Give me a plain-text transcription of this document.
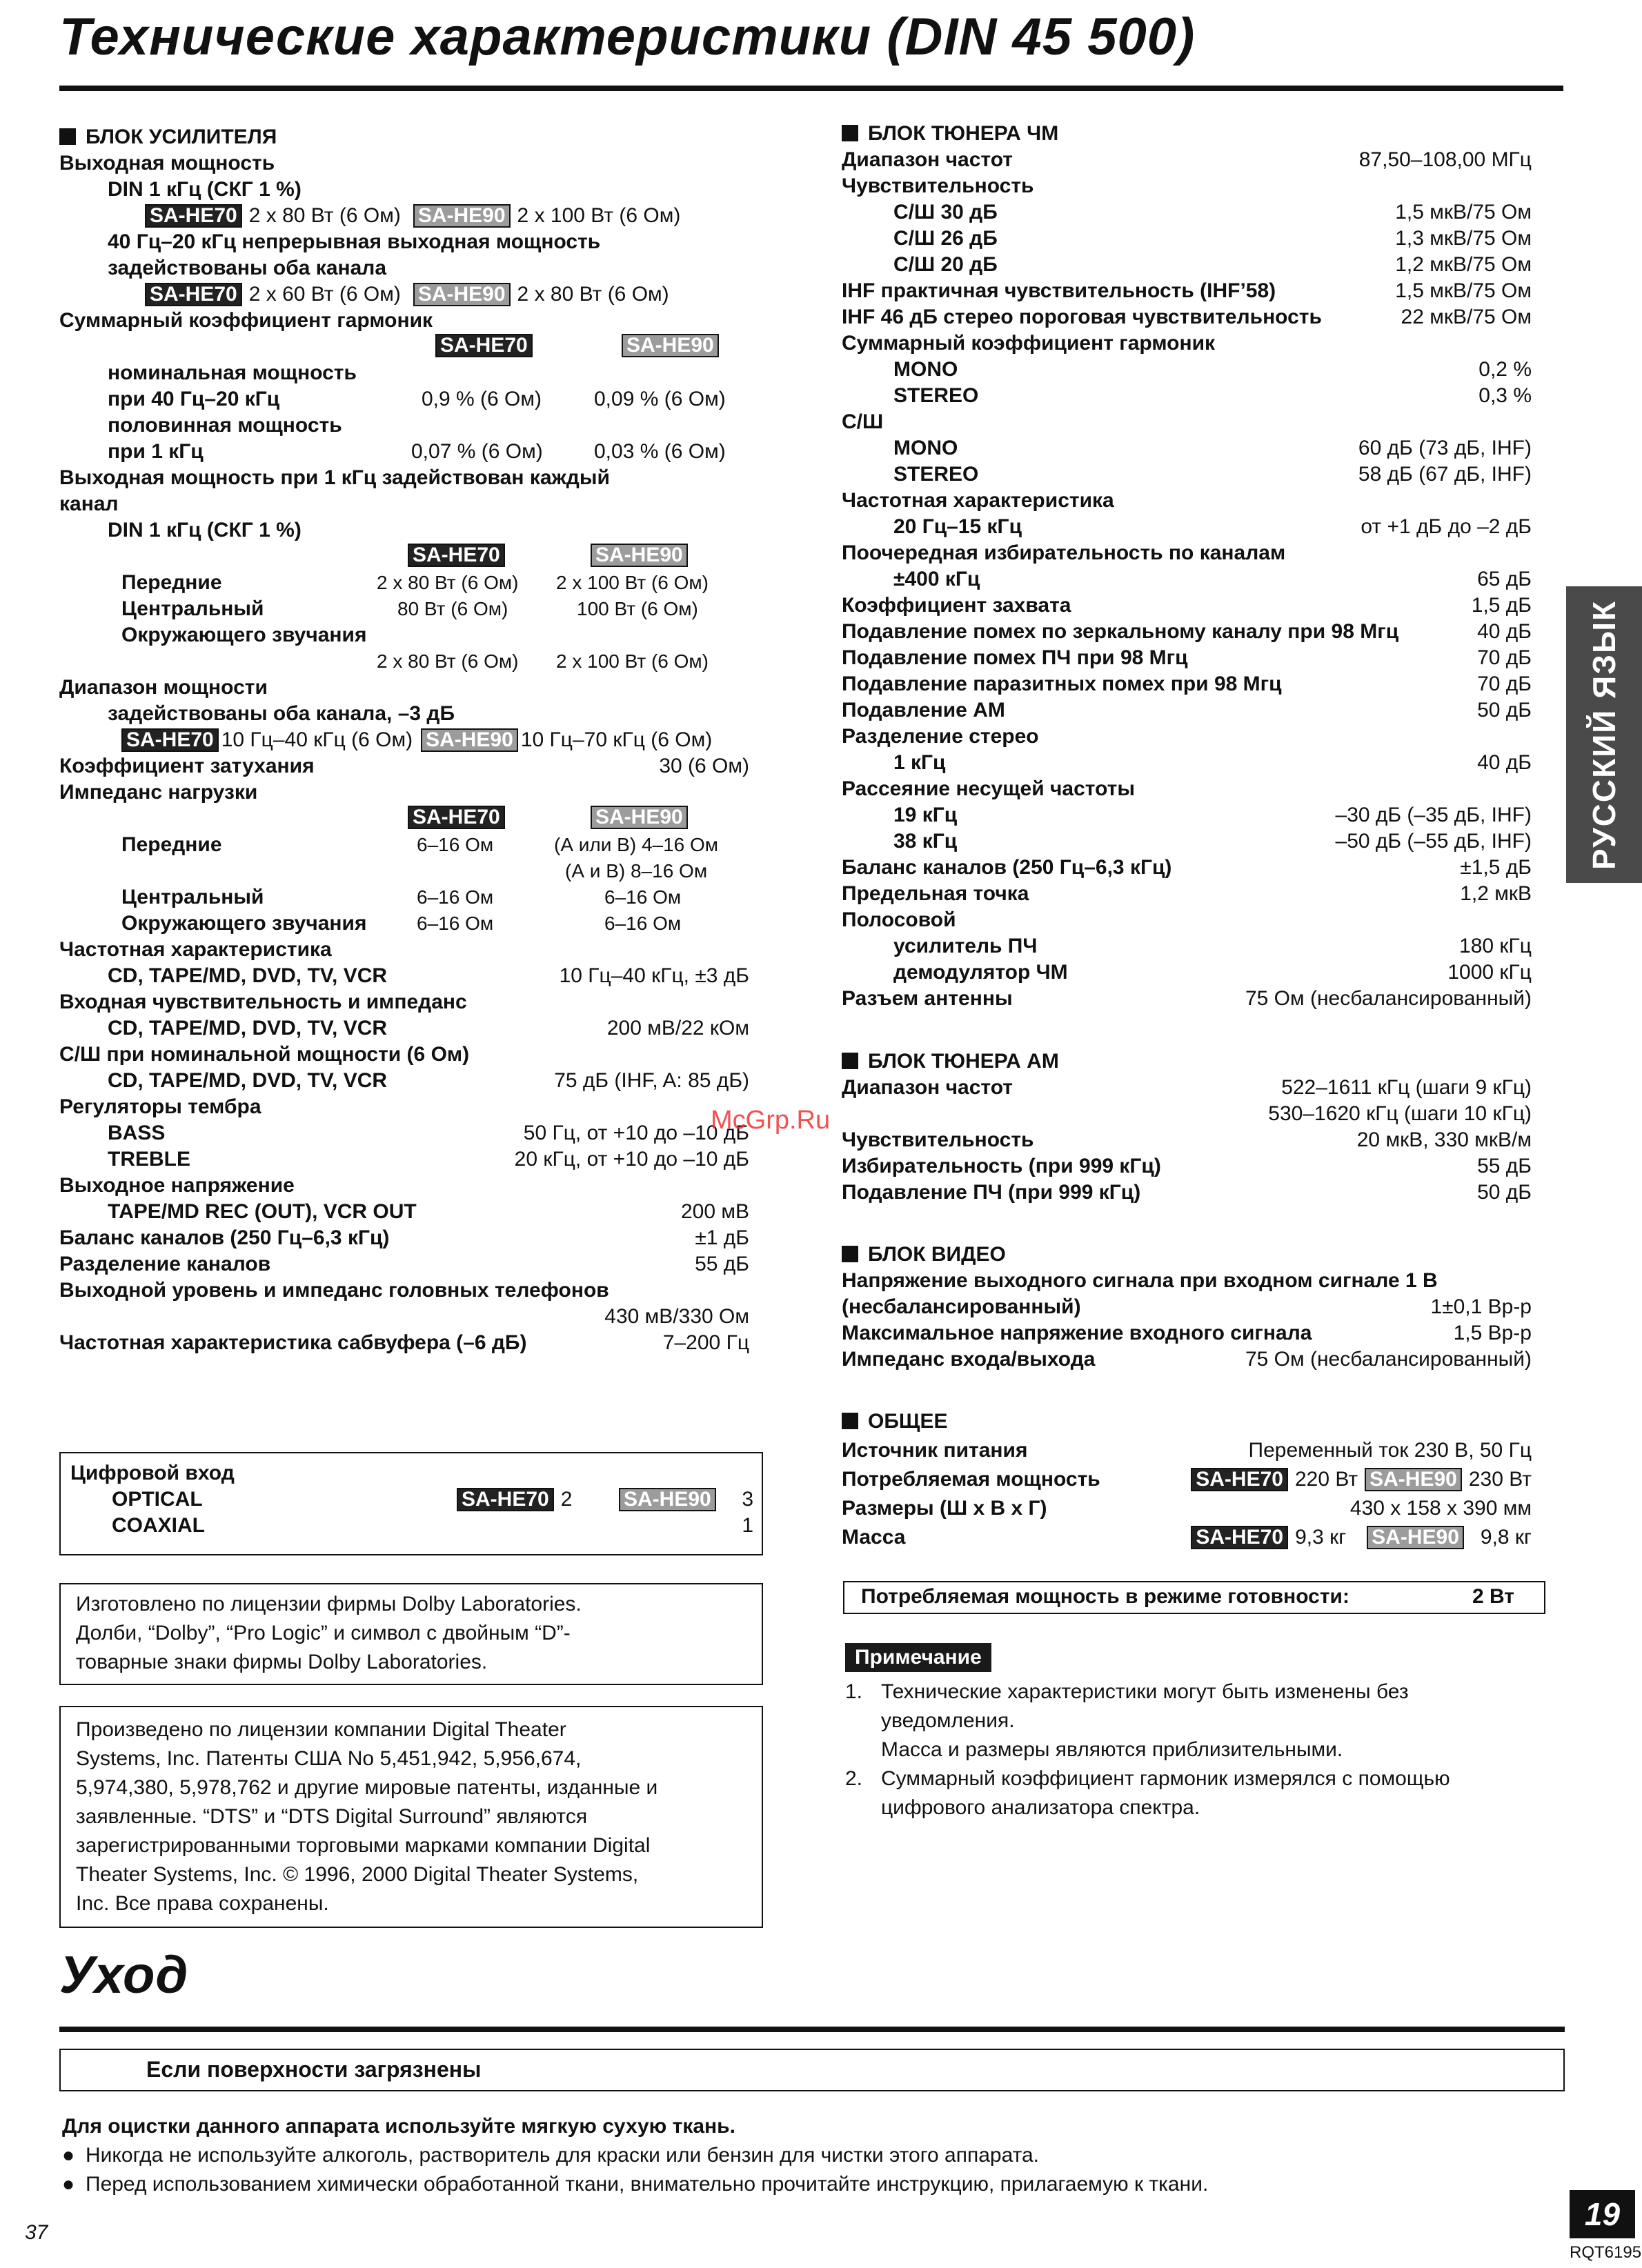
Технические характеристики (DIN 45 500)
РУССКИЙ ЯЗЫК
БЛОК УСИЛИТЕЛЯ
Выходная мощность
DIN 1 кГц (СКГ 1 %)
SA-HE70 2 x 80 Вт (6 Ом) SA-HE90 2 x 100 Вт (6 Ом)
40 Гц–20 кГц непрерывная выходная мощность
задействованы оба канала
SA-HE70 2 x 60 Вт (6 Ом) SA-HE90 2 x 80 Вт (6 Ом)
Суммарный коэффициент гармоник
SA-HE70	SA-HE90
номинальная мощность
при 40 Гц–20 кГц	0,9 % (6 Ом)	0,09 % (6 Ом)
половинная мощность
при 1 кГц	0,07 % (6 Ом) 0,03 % (6 Ом)
Выходная мощность при 1 кГц задействован каждый
канал
DIN 1 кГц (СКГ 1 %)
SA-HE70	SA-HE90
Передние	2 x 80 Вт (6 Ом) 2 x 100 Вт (6 Ом)
Центральный	80 Вт (6 Ом)	100 Вт (6 Ом)
Окружающего звучания
2 x 80 Вт (6 Ом) 2 x 100 Вт (6 Ом)
Диапазон мощности
задействованы оба канала, –3 дБ
SA-HE70 10 Гц–40 кГц (6 Ом) SA-HE90 10 Гц–70 кГц (6 Ом)
Коэффициент затухания	30 (6 Ом)
Импеданс нагрузки
SA-HE70	SA-HE90
Передние	6–16 Ом	(А или В) 4–16 Ом
(А и В) 8–16 Ом
Центральный	6–16 Ом	6–16 Ом
Окружающего звучания	6–16 Ом	6–16 Ом
Частотная характеристика
CD, TAPE/MD, DVD, TV, VCR	10 Гц–40 кГц, ±3 дБ
Входная чувствительность и импеданс
CD, TAPE/MD, DVD, TV, VCR	200 мВ/22 кОм
С/Ш при номинальной мощности (6 Ом)
CD, TAPE/MD, DVD, TV, VCR	75 дБ (IHF, A: 85 дБ)
Регуляторы тембра
BASS	50 Гц, от +10 до –10 дБ
TREBLE	20 кГц, от +10 до –10 дБ
Выходное напряжение
TAPE/MD REC (OUT), VCR OUT	200 мВ
Баланс каналов (250 Гц–6,3 кГц)	±1 дБ
Разделение каналов	55 дБ
Выходной уровень и импеданс головных телефонов
430 мВ/330 Ом
Частотная характеристика сабвуфера (–6 дБ)	7–200 Гц
Цифровой вход
OPTICAL	SA-HE70 2 SA-HE90	3
COAXIAL	1
Изготовлено по лицензии фирмы Dolby Laboratories.
Долби, “Dolby”, “Pro Logic” и символ с двойным “D”-
товарные знаки фирмы Dolby Laboratories.
Произведено по лицензии компании Digital Theater
Systems, Inc. Патенты США No 5,451,942, 5,956,674,
5,974,380, 5,978,762 и другие мировые патенты, изданные и
заявленные. “DTS” и “DTS Digital Surround” являются
зарегистрированными торговыми марками компании Digital
Theater Systems, Inc. © 1996, 2000 Digital Theater Systems,
Inc. Все права сохранены.
БЛОК ТЮНЕРА ЧМ
Диапазон частот	87,50–108,00 МГц
Чувствительность
С/Ш 30 дБ	1,5 мкВ/75 Ом
С/Ш 26 дБ	1,3 мкВ/75 Ом
С/Ш 20 дБ	1,2 мкВ/75 Ом
IHF практичная чувствительность (IHF’58)	1,5 мкВ/75 Ом
IHF 46 дБ стерео пороговая чувствительность	22 мкВ/75 Ом
Суммарный коэффициент гармоник
MONO	0,2 %
STEREO	0,3 %
С/Ш
MONO	60 дБ (73 дБ, IHF)
STEREO	58 дБ (67 дБ, IHF)
Частотная характеристика
20 Гц–15 кГц	от +1 дБ до –2 дБ
Поочередная избирательность по каналам
±400 кГц	65 дБ
Коэффициент захвата	1,5 дБ
Подавление помех по зеркальному каналу при 98 Мгц	40 дБ
Подавление помех ПЧ при 98 Мгц	70 дБ
Подавление паразитных помех при 98 Мгц	70 дБ
Подавление АМ	50 дБ
Разделение стерео
1 кГц	40 дБ
Рассеяние несущей частоты
19 кГц	–30 дБ (–35 дБ, IHF)
38 кГц	–50 дБ (–55 дБ, IHF)
Баланс каналов (250 Гц–6,3 кГц)	±1,5 дБ
Предельная точка	1,2 мкВ
Полосовой
усилитель ПЧ	180 кГц
демодулятор ЧМ	1000 кГц
Разъем антенны	75 Ом (несбалансированный)
БЛОК ТЮНЕРА АМ
Диапазон частот	522–1611 кГц (шаги 9 кГц)
530–1620 кГц (шаги 10 кГц)
Чувствительность	20 мкВ, 330 мкВ/м
Избирательность (при 999 кГц)	55 дБ
Подавление ПЧ (при 999 кГц)	50 дБ
McGrp.Ru
БЛОК ВИДЕО
Напряжение выходного сигнала при входном сигнале 1 В
(несбалансированный)	1±0,1 Вр-р
Максимальное напряжение входного сигнала	1,5 Вр-р
Импеданс входа/выхода	75 Ом (несбалансированный)
ОБЩЕЕ
Источник питания	Переменный ток 230 В, 50 Гц
Потребляемая мощность	SA-HE70 220 Вт SA-HE90 230 Вт
Размеры (Ш x В x Г)	430 x 158 x 390 мм
Масса	SA-HE70 9,3 кг SA-HE90 9,8 кг
Потребляемая мощность в режиме готовности:	2 Вт
Примечание
1. Технические характеристики могут быть изменены без
уведомления.
Масса и размеры являются приблизительными.
2. Суммарный коэффициент гармоник измерялся с помощью
цифрового анализатора спектра.
Уход
Если поверхности загрязнены
Для оцистки данного аппарата используйте мягкую сухую ткань.
● Никогда не используйте алкоголь, растворитель для краски или бензин для чистки этого аппарата.
● Перед использованием химически обработанной ткани, внимательно прочитайте инструкцию, прилагаемую к ткани.
37
19
RQT6195
